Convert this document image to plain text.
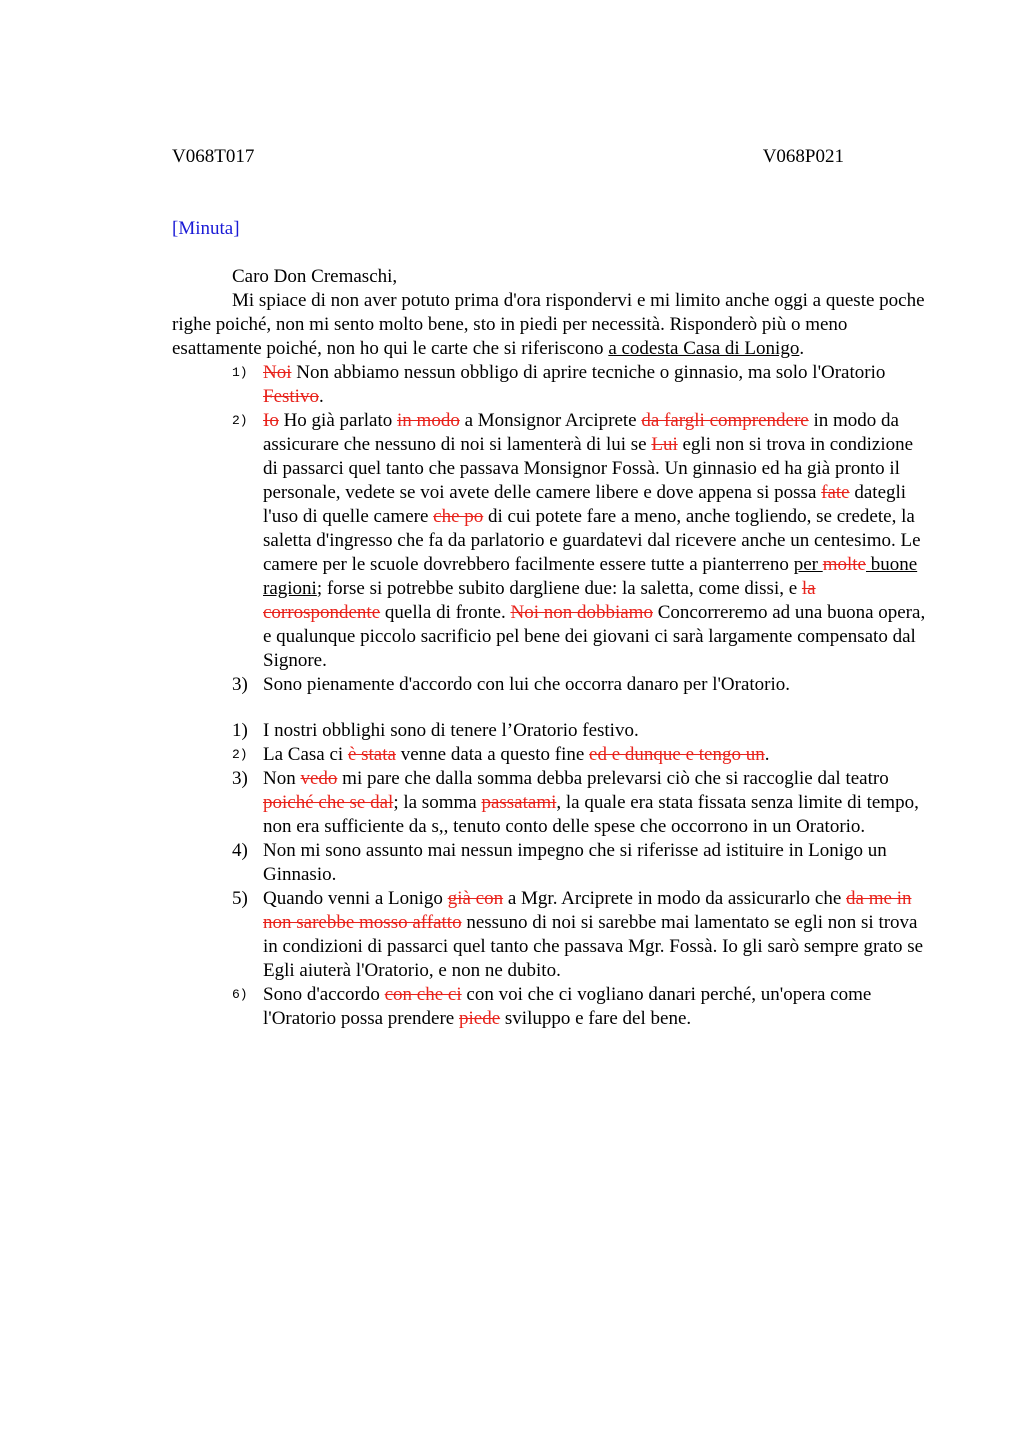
V068T017	V068P021
[Minuta]
Caro Don Cremaschi,
Mi spiace di non aver potuto prima d'ora rispondervi e mi limito anche oggi a queste poche righe poiché, non mi sento molto bene, sto in piedi per necessità. Risponderò più o meno esattamente poiché, non ho qui le carte che si riferiscono a codesta Casa di Lonigo.
1) Noi Non abbiamo nessun obbligo di aprire tecniche o ginnasio, ma solo l'Oratorio Festivo.
2) Io Ho già parlato in modo a Monsignor Arciprete da fargli comprendere in modo da assicurare che nessuno di noi si lamenterà di lui se Lui egli non si trova in condizione di passarci quel tanto che passava Monsignor Fossà. Un ginnasio ed ha già pronto il personale, vedete se voi avete delle camere libere e dove appena si possa fate dategli l'uso di quelle camere che po di cui potete fare a meno, anche togliendo, se credete, la saletta d'ingresso che fa da parlatorio e guardatevi dal ricevere anche un centesimo. Le camere per le scuole dovrebbero facilmente essere tutte a pianterreno per molte buone ragioni; forse si potrebbe subito dargliene due: la saletta, come dissi, e la corrospondente quella di fronte. Noi non dobbiamo Concorreremo ad una buona opera, e qualunque piccolo sacrificio pel bene dei giovani ci sarà largamente compensato dal Signore.
3) Sono pienamente d'accordo con lui che occorra danaro per l'Oratorio.
1) I nostri obblighi sono di tenere l’Oratorio festivo.
2) La Casa ci è stata venne data a questo fine ed e dunque e tengo un.
3) Non vedo mi pare che dalla somma debba prelevarsi ciò che si raccoglie dal teatro poiché che se dal; la somma passatami, la quale era stata fissata senza limite di tempo, non era sufficiente da s,, tenuto conto delle spese che occorrono in un Oratorio.
4) Non mi sono assunto mai nessun impegno che si riferisse ad istituire in Lonigo un Ginnasio.
5) Quando venni a Lonigo già con a Mgr. Arciprete in modo da assicurarlo che da me in non sarebbe mosso affatto nessuno di noi si sarebbe mai lamentato se egli non si trova in condizioni di passarci quel tanto che passava Mgr. Fossà. Io gli sarò sempre grato se Egli aiuterà l'Oratorio, e non ne dubito.
6) Sono d'accordo con che ci con voi che ci vogliano danari perché, un'opera come l'Oratorio possa prendere piede sviluppo e fare del bene.
